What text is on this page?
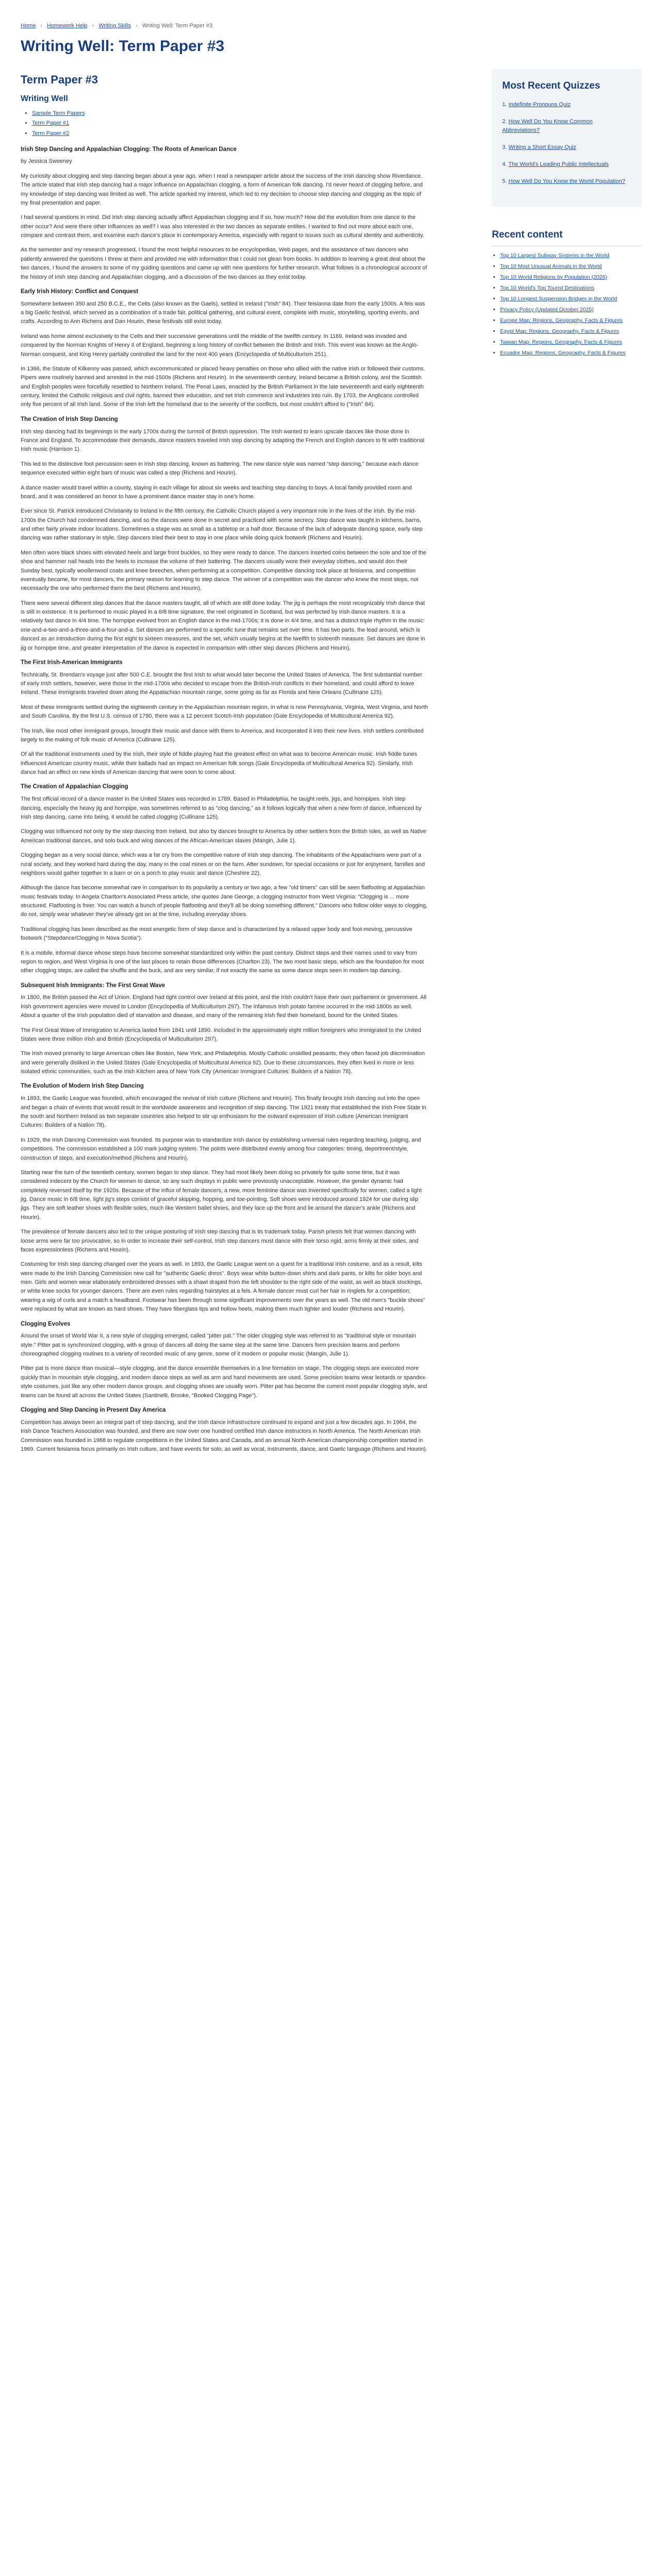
Home › Homework Help › Writing Skills › Writing Well: Term Paper #3
Writing Well: Term Paper #3
Term Paper #3
Writing Well
• Sample Term Papers
• Term Paper #1
• Term Paper #2
Irish Step Dancing and Appalachian Clogging: The Roots of American Dance

by Jessica Sweeney

My curiosity about clogging and step dancing began about a year ago, when I read a newspaper article about the success of the Irish dancing show Riverdance. The article stated that Irish step dancing had a major influence on Appalachian clogging, a form of American folk dancing. I'd never heard of clogging before, and my knowledge of step dancing was limited as well. The article sparked my interest, which led to my decision to choose step dancing and clogging as the topic of my final presentation and paper.

I had several questions in mind. Did Irish step dancing actually affect Appalachian clogging and if so, how much? How did the evolution from one dance to the other occur? And were there other influences as well? I was also interested in the two dances as separate entities. I wanted to find out more about each one, compare and contrast them, and examine each dance's place in contemporary America, especially with regard to issues such as cultural identity and authenticity.

As the semester and my research progressed, I found the most helpful resources to be encyclopedias, Web pages, and the assistance of two dancers who patiently answered the questions I threw at them and provided me with information that I could not glean from books. In addition to learning a great deal about the two dances, I found the answers to some of my guiding questions and came up with new questions for further research. What follows is a chronological account of the history of Irish step dancing and Appalachian clogging, and a discussion of the two dances as they exist today.

Early Irish History: Conflict and Conquest

Somewhere between 350 and 250 B.C.E., the Celts (also known as the Gaels), settled in Ireland ("Irish" 84). Their feisianna date from the early 1500s. A feis was a big Gaelic festival, which served as a combination of a trade fair, political gathering, and cultural event, complete with music, storytelling, sporting events, and crafts. According to Ann Richens and Dan Hourin, these festivals still exist today.

Ireland was home almost exclusively to the Celts and their successive generations until the middle of the twelfth century. In 1169, Ireland was invaded and conquered by the Norman Knights of Henry II of England, beginning a long history of conflict between the British and Irish. This event was known as the Anglo-Norman conquest, and King Henry partially controlled the land for the next 400 years (Encyclopedia of Multiculturism 251).

In 1366, the Statute of Kilkenny was passed, which excommunicated or placed heavy penalties on those who allied with the native Irish or followed their customs. Pipers were routinely banned and arrested in the mid-1500s (Richens and Hourin). In the seventeenth century, Ireland became a British colony, and the Scottish and English peoples were forcefully resettled to Northern Ireland. The Penal Laws, enacted by the British Parliament in the late seventeenth and early eighteenth century, limited the Catholic religious and civil rights, banned their education, and set Irish commerce and industries into ruin. By 1703, the Anglicans controlled only five percent of all Irish land. Some of the Irish left the homeland due to the severity of the conflicts, but most couldn't afford to ("Irish" 84).

The Creation of Irish Step Dancing

Irish step dancing had its beginnings in the early 1700s during the turmoil of British oppression. The Irish wanted to learn upscale dances like those done in France and England. To accommodate their demands, dance masters traveled Irish step dancing by adapting the French and English dances to fit with traditional Irish music (Harrison 1).

This led to the distinctive foot percussion seen in Irish step dancing, known as battering. The new dance style was named "step dancing," because each dance sequence executed within eight bars of music was called a step (Richens and Hourin).

A dance master would travel within a county, staying in each village for about six weeks and teaching step dancing to boys. A local family provided room and board, and it was considered an honor to have a prominent dance master stay in one's home.

Ever since St. Patrick introduced Christianity to Ireland in the fifth century, the Catholic Church played a very important role in the lives of the Irish. By the mid-1700s the Church had condemned dancing, and so the dances were done in secret and practiced with some secrecy. Step dance was taught in kitchens, barns, and other fairly private indoor locations. Sometimes a stage was as small as a tabletop or a half door. Because of the lack of adequate dancing space, early step dancing was rather stationary in style. Step dancers tried their best to stay in one place while doing quick footwork (Richens and Hourin).

Men often wore black shoes with elevated heels and large front buckles, so they were ready to dance. The dancers inserted coins between the sole and toe of the shoe and hammer nail heads into the heels to increase the volume of their battering. The dancers usually wore their everyday clothes, and would don their Sunday best, typically woollenwool coats and knee breeches, when performing at a competition. Competitive dancing took place at feisianna, and competition eventually became, for most dancers, the primary reason for learning to step dance. The winner of a competition was the dancer who knew the most steps, not necessarily the one who performed them the best (Richens and Hourin).

There were several different step dances that the dance masters taught, all of which are still done today. The jig is perhaps the most recognizably Irish dance that is still in existence. It is performed to music played in a 6/8 time signature, the reel originated in Scotland, but was perfected by Irish dance masters. It is a relatively fast dance in 4/4 time. The hornpipe evolved from an English dance in the mid-1700s; it is done in 4/4 time, and has a distinct triple rhythm in the music: one-and-a-two-and-a-three-and-a-four-and-a. Set dances are performed to a specific tune that remains set over time. It has two parts, the lead around, which is danced as an introduction during the first eight to sixteen measures, and the set, which usually begins at the twelfth to sixteenth measure. Set dances are done in jig or hornpipe time, and greater interpretation of the dance is expected in comparison with other step dances (Richens and Hourin).

The First Irish-American Immigrants

Technically, St. Brendan's voyage just after 500 C.E. brought the first Irish to what would later become the United States of America. The first substantial number of early Irish settlers, however, were those in the mid-1700s who decided to escape from the British-Irish conflicts in their homeland, and could afford to leave Ireland. These immigrants traveled down along the Appalachian mountain range, some going as far as Florida and New Orleans (Cullinane 125).

Most of these immigrants settled during the eighteenth century in the Appalachian mountain region, in what is now Pennsylvania, Virginia, West Virginia, and North and South Carolina. By the first U.S. census of 1790, there was a 12 percent Scotch-Irish population (Gale Encyclopedia of Multicultural America 92).

The Irish, like most other immigrant groups, brought their music and dance with them to America, and incorporated it into their new lives. Irish settlers contributed largely to the making of folk music of America (Cullinane 125).

Of all the traditional instruments used by the Irish, their style of fiddle playing had the greatest effect on what was to become American music. Irish fiddle tunes influenced American country music, while their ballads had an impact on American folk songs (Gale Encyclopedia of Multicultural America 92). Similarly, Irish dance had an effect on new kinds of American dancing that were soon to come about.

The Creation of Appalachian Clogging

The first official record of a dance master in the United States was recorded in 1789. Based in Philadelphia, he taught reels, jigs, and hornpipes. Irish step dancing, especially the heavy jig and hornpipe, was sometimes referred to as "clog dancing," as it follows logically that when a new form of dance, influenced by Irish step dancing, came into being, it would be called clogging (Cullinane 125).

Clogging was influenced not only by the step dancing from Ireland, but also by dances brought to America by other settlers from the British Isles, as well as Native American traditional dances, and solo buck and wing dances of the African-American slaves (Mangin, Julie 1).

Clogging began as a very social dance, which was a far cry from the competitive nature of Irish step dancing. The inhabitants of the Appalachians were part of a rural society, and they worked hard during the day, many in the coal mines or on the farm. After sundown, for special occasions or just for enjoyment, families and neighbors would gather together in a barn or on a porch to play music and dance (Cheshire 22).

Although the dance has become somewhat rare in comparison to its popularity a century or two ago, a few "old timers" can still be seen flatfooting at Appalachian music festivals today. In Angela Charlton's Associated Press article, she quotes Jane George, a clogging instructor from West Virginia: "Clogging is ... more structured. Flatfooting is freer. You can watch a bunch of people flatfooting and they'll all be doing something different." Dancers who follow older ways to clogging, do not, simply wear whatever they've already got on at the time, including everyday shoes.

Traditional clogging has been described as the most energetic form of step dance and is characterized by a relaxed upper body and foot-moving, percussive footwork ("Stepdance/Clogging in Nova Scotia").

It is a mobile, informal dance whose steps have become somewhat standardized only within the past century. Distinct steps and their names used to vary from region to region, and West Virginia is one of the last places to retain those differences (Charlton 23). The two most basic steps, which are the foundation for most other clogging steps, are called the shuffle and the buck, and are very similar, if not exactly the same as some dance steps seen in modern tap dancing.

Subsequent Irish Immigrants: The First Great Wave

In 1800, the British passed the Act of Union. England had tight control over Ireland at this point, and the Irish couldn't have their own parliament or government. All Irish government agencies were moved to London (Encyclopedia of Multiculturism 297). The infamous Irish potato famine occurred in the mid-1800s as well. About a quarter of the Irish population died of starvation and disease, and many of the remaining Irish fled their homeland, bound for the United States.

The First Great Wave of Immigration to America lasted from 1841 until 1890. Included in the approximately eight million foreigners who immigrated to the United States were three million Irish and British (Encyclopedia of Multiculturism 297).

The Irish moved primarily to large American cities like Boston, New York, and Philadelphia. Mostly Catholic unskilled peasants, they often faced job discrimination and were generally disliked in the United States (Gale Encyclopedia of Multicultural America 92). Due to these circumstances, they often lived in more or less isolated ethnic communities, such as the Irish Kitchen area of New York City (American Immigrant Cultures: Builders of a Nation 78).

The Evolution of Modern Irish Step Dancing

In 1893, the Gaelic League was founded, which encouraged the revival of Irish culture (Richens and Hourin). This finally brought Irish dancing out into the open and began a chain of events that would result in the worldwide awareness and recognition of step dancing. The 1921 treaty that established the Irish Free State in the south and Northern Ireland as two separate countries also helped to stir up enthusiasm for the outward expression of Irish culture (American Immigrant Cultures: Builders of a Nation 78).

In 1929, the Irish Dancing Commission was founded. Its purpose was to standardize Irish dance by establishing universal rules regarding teaching, judging, and competitions. The commission established a 100 mark judging system. The points were distributed evenly among four categories: timing, deportment/style, construction of steps, and execution/method (Richens and Hourin).

Starting near the turn of the twentieth century, women began to step dance. They had most likely been doing so privately for quite some time, but it was considered indecent by the Church for women to dance, so any such displays in public were previously unacceptable. However, the gender dynamic had completely reversed itself by the 1920s. Because of the influx of female dancers, a new, more feminine dance was invented specifically for women, called a light jig. Dance music in 6/8 time, light jig's steps consist of graceful skipping, hopping, and toe-pointing. Soft shoes were introduced around 1924 for use during slip jigs. They are soft leather shoes with flexible soles, much like Western ballet shoes, and they lace up the front and lie around the dancer's ankle (Richens and Hourin).

The prevalence of female dancers also led to the unique posturing of Irish step dancing that is its trademark today. Parish priests felt that women dancing with loose arms were far too provocative, so in order to increase their self-control, Irish step dancers must dance with their torso rigid, arms firmly at their sides, and faces expressionless (Richens and Hourin).

Costuming for Irish step dancing changed over the years as well. In 1893, the Gaelic League went on a quest for a traditional Irish costume, and as a result, kilts were made to the Irish Dancing Commission new call for "authentic Gaelic dress". Boys wear white button-down shirts and dark pants, or kilts for older boys and men. Girls and women wear elaborately embroidered dresses with a shawl draped from the left shoulder to the right side of the waist, as well as black stockings, or white knee socks for younger dancers. There are even rules regarding hairstyles at a feis. A female dancer must curl her hair in ringlets for a competition; wearing a wig of curls and a match a headband. Footwear has been through some significant improvements over the years as well. The old men's "buckle shoes" were replaced by what are known as hard shoes. They have fiberglass tips and hollow heels, making them much lighter and louder (Richens and Hourin).

Clogging Evolves

Around the onset of World War II, a new style of clogging emerged, called "pitter pat." The older clogging style was referred to as "traditional style or mountain style." Pitter pat is synchronized clogging, with a group of dancers all doing the same step at the same time. Dancers form precision teams and perform choreographed clogging routines to a variety of recorded music of any genre, some of it modern or popular music (Mangin, Julie 1).

Pitter pat is more dance than musical—style clogging, and the dance ensemble themselves in a line formation on stage. The clogging steps are executed more quickly than in mountain style clogging, and modern dance steps as well as arm and hand movements are used. Some precision teams wear leotards or spandex-style costumes, just like any other modern dance groups, and clogging shoes are usually worn. Pitter pat has become the current most popular clogging style, and teams can be found all across the United States (Santinelli, Brooke, "Booked Clogging Page").

Clogging and Step Dancing in Present Day America

Competition has always been an integral part of step dancing, and the Irish dance infrastructure continued to expand and just a few decades ago. In 1964, the Irish Dance Teachers Association was founded, and there are now over one hundred certified Irish dance instructors in North America. The North American Irish Commission was founded in 1968 to regulate competitions in the United States and Canada, and an annual North American championship competition started in 1969. Current feisianna focus primarily on Irish culture, and have events for solo, as well as vocal, instruments, dance, and Gaelic language (Richens and Hourin).

Most Recent Quizzes
1. Indefinite Pronouns Quiz
2. How Well Do You Know Common Abbreviations?
3. Writing a Short Essay Quiz
4. The World's Leading Public Intellectuals
5. How Well Do You Know the World Population?
Recent content
• Top 10 Largest Subway Systems in the World
• Top 10 Most Unusual Animals in the World
• Top 10 World Religions by Population (2026)
• Top 10 World's Top Tourist Destinations
• Top 10 Longest Suspension Bridges in the World
• Privacy Policy (Updated October 2025)
• Europe Map: Regions, Geography, Facts & Figures
• Egypt Map: Regions, Geography, Facts & Figures
• Taiwan Map: Regions, Geography, Facts & Figures
• Ecuador Map: Regions, Geography, Facts & Figures
